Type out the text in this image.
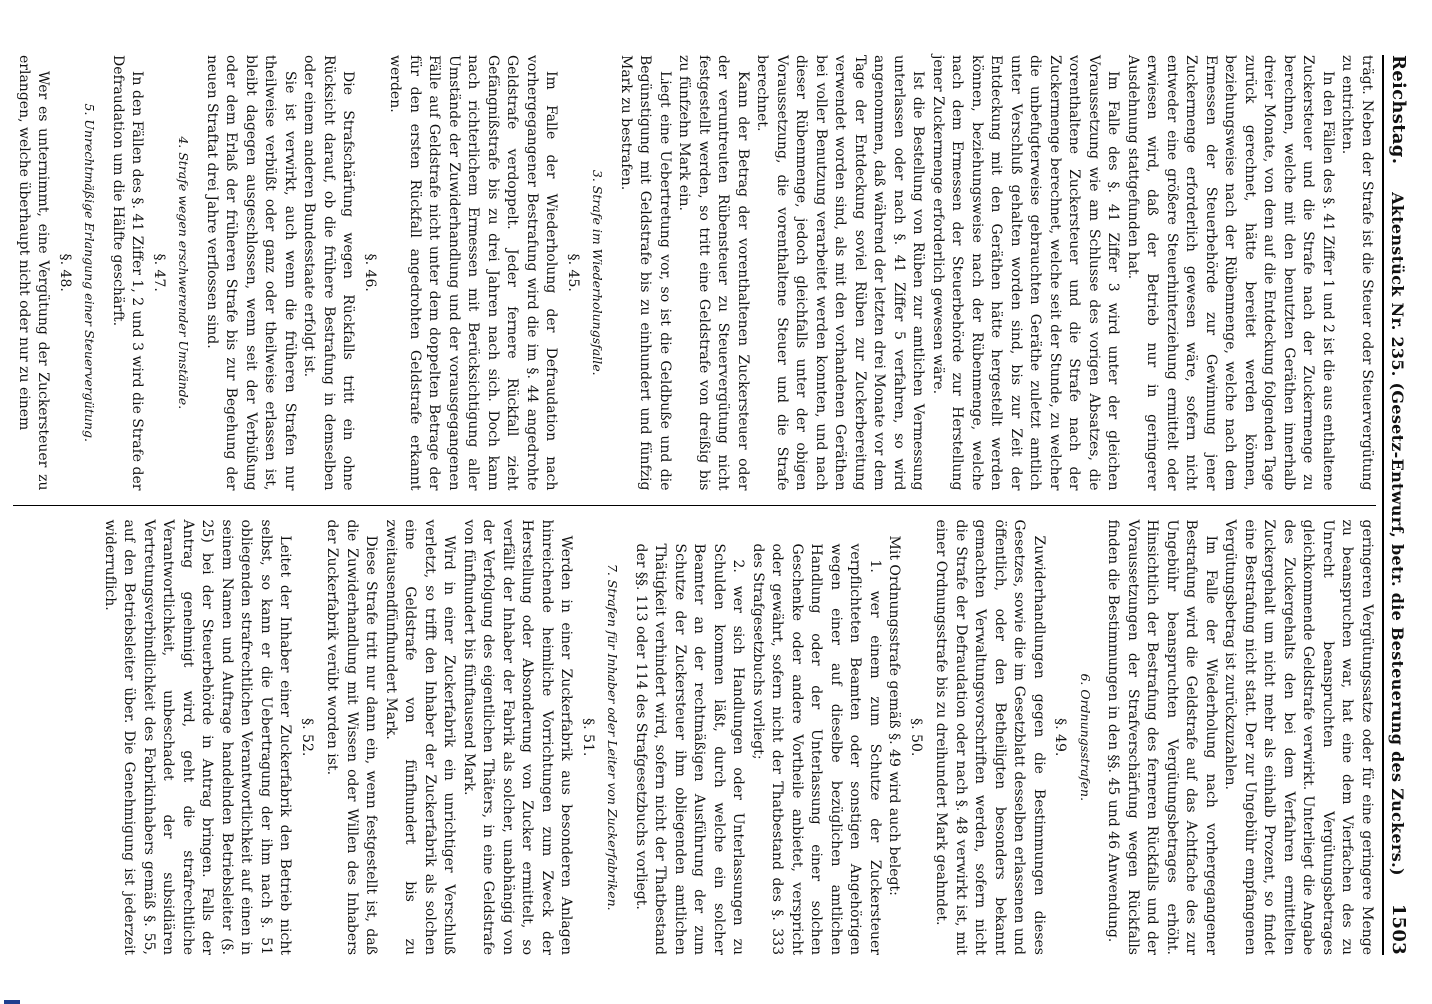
Reichstag.
Aktenstück Nr. 235. (Gesetz-Entwurf, betr. die Besteuerung des Zuckers.)
1503

trägt. Neben der Strafe ist die Steuer oder Steuervergütung zu entrichten.

In den Fällen des §. 41 Ziffer 1 und 2 ist die aus enthaltene Zuckersteuer und die Strafe nach der Zuckermenge zu berechnen, welche mit den benutzten Geräthen innerhalb dreier Monate, von dem auf die Entdeckung folgenden Tage zurück gerechnet, hätte bereitet werden können, beziehungsweise nach der Rübenmenge, welche nach dem Ermessen der Steuerbehörde zur Gewinnung jener Zuckermenge erforderlich gewesen wäre, sofern nicht entweder eine größere Steuerhinterziehung ermittelt oder erwiesen wird, daß der Betrieb nur in geringerer Ausdehnung stattgefunden hat.

Im Falle des §. 41 Ziffer 3 wird unter der gleichen Voraussetzung wie am Schlusse des vorigen Absatzes, die vorenthaltene Zuckersteuer und die Strafe nach der Zuckermenge berechnet, welche seit der Stunde, zu welcher die unbefugterweise gebrauchten Geräthe zuletzt amtlich unter Verschluß gehalten worden sind, bis zur Zeit der Entdeckung mit den Geräthen hätte hergestellt werden können, beziehungsweise nach der Rübenmenge, welche nach dem Ermessen der Steuerbehörde zur Herstellung jener Zuckermenge erforderlich gewesen wäre.

Ist die Bestellung von Rüben zur amtlichen Vermessung unterlassen oder nach §. 41 Ziffer 5 verfahren, so wird angenommen, daß während der letzten drei Monate vor dem Tage der Entdeckung soviel Rüben zur Zuckerbereitung verwendet worden sind, als mit den vorhandenen Geräthen bei voller Benutzung verarbeitet werden konnten, und nach dieser Rübenmenge, jedoch gleichfalls unter der obigen Voraussetzung, die vorenthaltene Steuer und die Strafe berechnet.

Kann der Betrag der vorenthaltenen Zuckersteuer oder der veruntreuten Rübensteuer zu Steuervergütung nicht festgestellt werden, so tritt eine Geldstrafe von dreißig bis zu fünfzehn Mark ein.

Liegt eine Uebertretung vor, so ist die Geldbuße und die Begünstigung mit Geldstrafe bis zu einhundert und fünfzig Mark zu bestrafen.

3. Strafe im Wiederholungsfalle.
§. 45.

Im Falle der Wiederholung der Defraudation nach vorhergegangener Bestrafung wird die im §. 44 angedrohte Geldstrafe verdoppelt. Jeder fernere Rückfall zieht Gefängnißstrafe bis zu drei Jahren nach sich. Doch kann nach richterlichem Ermessen mit Berücksichtigung aller Umstände der Zuwiderhandlung und der vorausgegangenen Fälle auf Geldstrafe nicht unter dem doppelten Betrage der für den ersten Rückfall angedrohten Geldstrafe erkannt werden.

§. 46.

Die Strafschärfung wegen Rückfalls tritt ein ohne Rücksicht darauf, ob die frühere Bestrafung in demselben oder einem anderen Bundesstaate erfolgt ist.

Sie ist verwirkt, auch wenn die früheren Strafen nur theilweise verbüßt oder ganz oder theilweise erlassen ist, bleibt dagegen ausgeschlossen, wenn seit der Verbüßung oder dem Erlaß der früheren Strafe bis zur Begehung der neuen Straftat drei Jahre verflossen sind.

4. Strafe wegen erschwerender Umstände.
§. 47.

In den Fällen des §. 41 Ziffer 1, 2 und 3 wird die Strafe der Defraudation um die Hälfte geschärft.

5. Unrechtmäßige Erlangung einer Steuervergütung.
§. 48.

Wer es unternimmt, eine Vergütung der Zuckersteuer zu erlangen, welche überhaupt nicht oder nur zu einem

geringeren Vergütungssatze oder für eine geringere Menge zu beanspruchen war, hat eine dem Vierfachen des zu Unrecht beanspruchten Vergütungsbetrages gleichkommende Geldstrafe verwirkt. Unterliegt die Angabe des Zuckergehalts den bei dem Verfahren ermittelten Zuckergehalt um nicht mehr als einhalb Prozent, so findet eine Bestrafung nicht statt. Der zur Ungebühr empfangenen Vergütungsbetrag ist zurückzuzahlen.

Im Falle der Wiederholung nach vorhergegangener Bestrafung wird die Geldstrafe auf das Achtfache des zur Ungebühr beanspruchten Vergütungsbetrages erhöht. Hinsichtlich der Bestrafung des ferneren Rückfalls und der Voraussetzungen der Strafverschärfung wegen Rückfalls finden die Bestimmungen in den §§. 45 und 46 Anwendung.

6. Ordnungsstrafen.
§. 49.

Zuwiderhandlungen gegen die Bestimmungen dieses Gesetzes, sowie die im Gesetzblatt desselben erlassenen und öffentlich, oder den Betheiligten besonders bekannt gemachten Verwaltungsvorschriften werden, sofern nicht die Strafe der Defraudation oder nach §. 48 verwirkt ist, mit einer Ordnungsstrafe bis zu dreihundert Mark geahndet.

§. 50.

Mit Ordnungsstrafe gemäß §. 49 wird auch belegt:

1. wer einem zum Schutze der Zuckersteuer verpflichteten Beamten oder sonstigen Angehörigen wegen einer auf dieselbe bezüglichen amtlichen Handlung oder der Unterlassung einer solchen Geschenke oder andere Vortheile anbietet, verspricht oder gewährt, sofern nicht der Thatbestand des §. 333 des Strafgesetzbuchs vorliegt;

2. wer sich Handlungen oder Unterlassungen zu Schulden kommen läßt, durch welche ein solcher Beamter an der rechtmäßigen Ausführung der zum Schutze der Zuckersteuer ihm obliegenden amtlichen Thätigkeit verhindert wird, sofern nicht der Thatbestand der §§. 113 oder 114 des Strafgesetzbuchs vorliegt.

7. Strafen für Inhaber oder Leiter von Zuckerfabriken.
§. 51.

Werden in einer Zuckerfabrik aus besonderen Anlagen hinreichende heimliche Vorrichtungen zum Zweck der Herstellung oder Absonderung von Zucker ermittelt, so verfällt der Inhaber der Fabrik als solcher, unabhängig von der Verfolgung des eigentlichen Thäters, in eine Geldstrafe von fünfhundert bis fünftausend Mark.

Wird in einer Zuckerfabrik ein unrichtiger Verschluß verletzt, so trifft den Inhaber der Zuckerfabrik als solchen eine Geldstrafe von fünfhundert bis zu zweitausendfünfhundert Mark.

Diese Strafe tritt nur dann ein, wenn festgestellt ist, daß die Zuwiderhandlung mit Wissen oder Willen des Inhabers der Zuckerfabrik verübt worden ist.

§. 52.

Leitet der Inhaber einer Zuckerfabrik den Betrieb nicht selbst, so kann er die Uebertragung der ihm nach §. 51 obliegenden strafrechtlichen Verantwortlichkeit auf einen in seinem Namen und Auftrage handelnden Betriebsleiter (§. 25) bei der Steuerbehörde in Antrag bringen. Falls der Antrag genehmigt wird, geht die strafrechtliche Verantwortlichkeit, unbeschadet der subsidiären Vertretungsverbindlichkeit des Fabrikinhabers gemäß §. 55, auf den Betriebsleiter über. Die Genehmigung ist jederzeit widerruflich.
